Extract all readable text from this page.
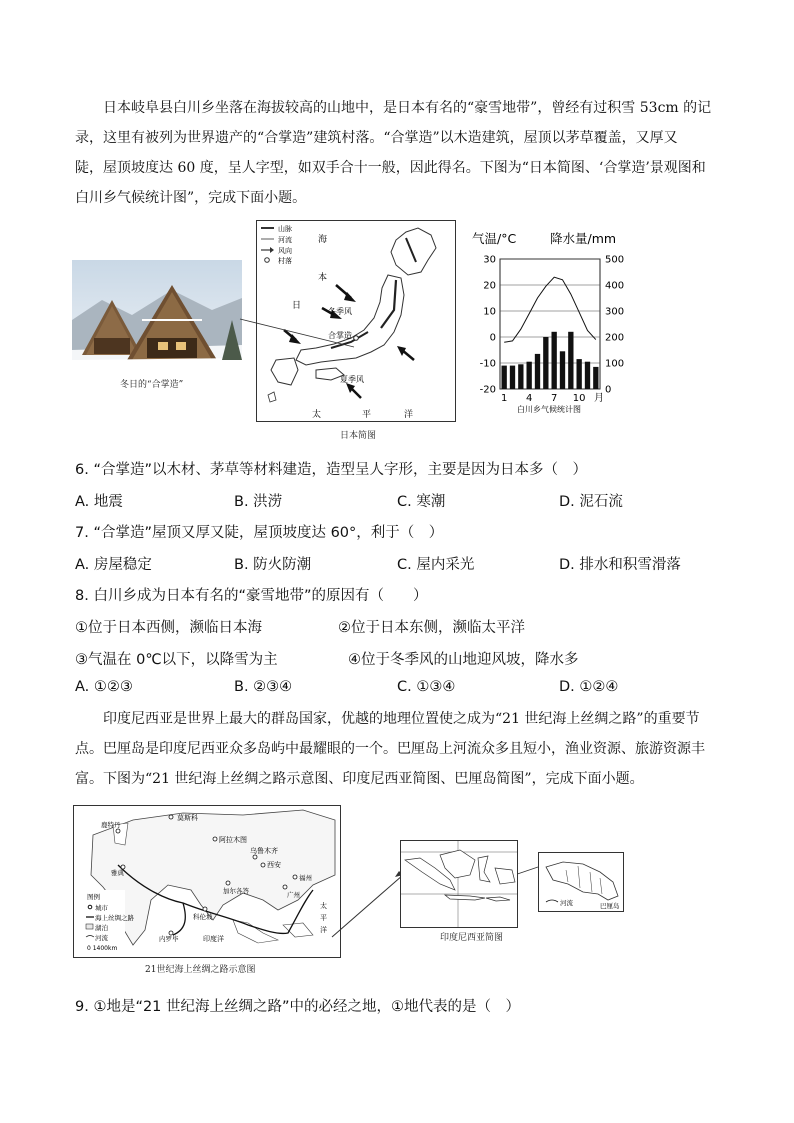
日本岐阜县白川乡坐落在海拔较高的山地中，是日本有名的“豪雪地带”，曾经有过积雪 53cm 的记
录，这里有被列为世界遗产的“合掌造”建筑村落。“合掌造”以木造建筑，屋顶以茅草覆盖，又厚又
陡，屋顶坡度达 60 度，呈人字型，如双手合十一般，因此得名。下图为“日本简图、‘合掌造’景观图和
白川乡气候统计图”，完成下面小题。
冬日的“合掌造”
山脉
河流
风向
村落
海
本
日
冬季风
合掌造
夏季风
太	平	洋
日本简图
气温/°C	降水量/mm
30	500
20	400
10	300
0	200
-10	100
-20	0
1 4 7 10 月
白川乡气候统计图
6. “合掌造”以木材、茅草等材料建造，造型呈人字形，主要是因为日本多（　）
A. 地震	B. 洪涝	C. 寒潮	D. 泥石流
7. “合掌造”屋顶又厚又陡，屋顶坡度达 60°，利于（　）
A. 房屋稳定	B. 防火防潮	C. 屋内采光	D. 排水和积雪滑落
8. 白川乡成为日本有名的“豪雪地带”的原因有（　　）
①位于日本西侧，濒临日本海	②位于日本东侧，濒临太平洋
③气温在 0℃以下，以降雪为主	④位于冬季风的山地迎风坡，降水多
A. ①②③	B. ②③④	C. ①③④	D. ①②④
印度尼西亚是世界上最大的群岛国家，优越的地理位置使之成为“21 世纪海上丝绸之路”的重要节
点。巴厘岛是印度尼西亚众多岛屿中最耀眼的一个。巴厘岛上河流众多且短小，渔业资源、旅游资源丰
富。下图为“21 世纪海上丝绸之路示意图、印度尼西亚简图、巴厘岛简图”，完成下面小题。
莫斯科
鹿特丹
阿拉木图
乌鲁木齐
西安
雅典
加尔各答
福州
广州
科伦坡
内罗毕	印度洋
太
平
洋
图例
城市
海上丝绸之路
湖泊
河流
0 1400km
21世纪海上丝绸之路示意图
印度尼西亚简图
河流	巴厘岛
9. ①地是“21 世纪海上丝绸之路”中的必经之地，①地代表的是（　）
